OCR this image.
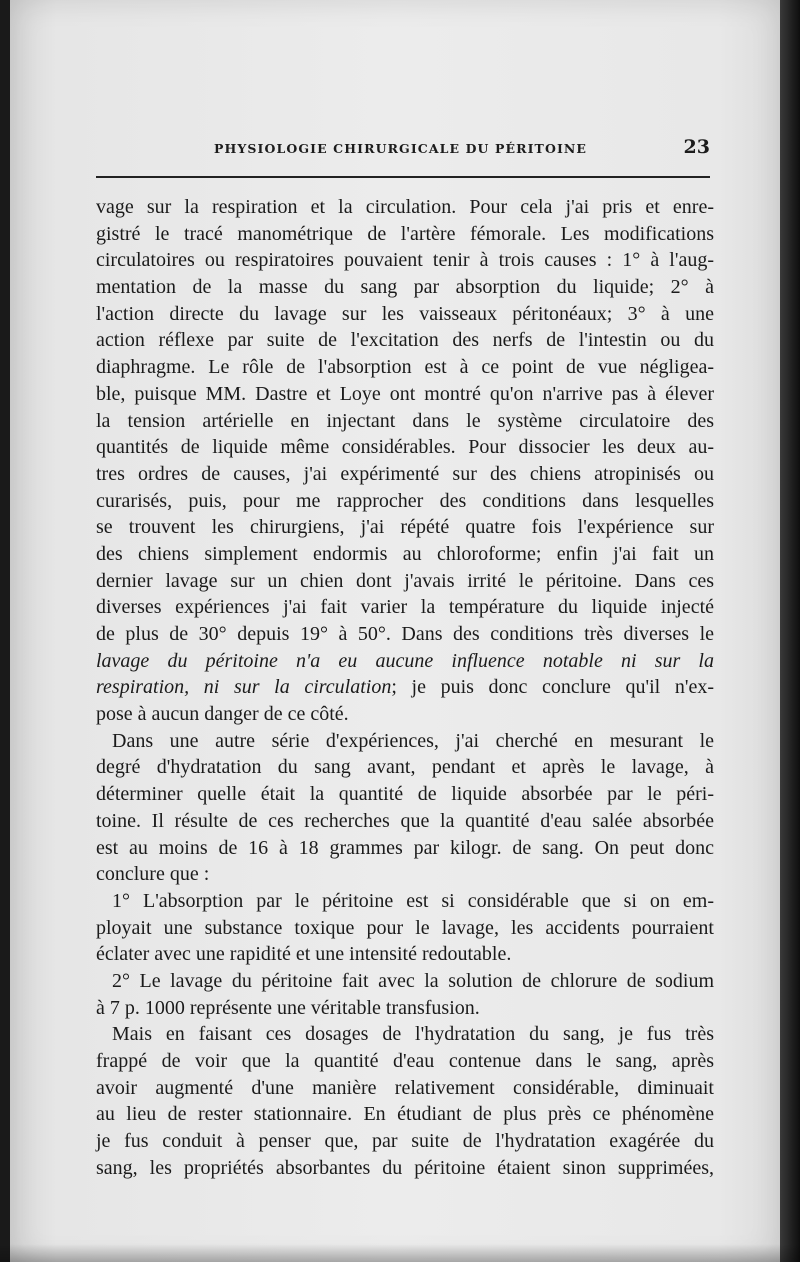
PHYSIOLOGIE CHIRURGICALE DU PÉRITOINE	23
vage sur la respiration et la circulation. Pour cela j'ai pris et enre-
gistré le tracé manométrique de l'artère fémorale. Les modifications
circulatoires ou respiratoires pouvaient tenir à trois causes : 1° à l'aug-
mentation de la masse du sang par absorption du liquide; 2° à
l'action directe du lavage sur les vaisseaux péritonéaux; 3° à une
action réflexe par suite de l'excitation des nerfs de l'intestin ou du
diaphragme. Le rôle de l'absorption est à ce point de vue négligea-
ble, puisque MM. Dastre et Loye ont montré qu'on n'arrive pas à élever
la tension artérielle en injectant dans le système circulatoire des
quantités de liquide même considérables. Pour dissocier les deux au-
tres ordres de causes, j'ai expérimenté sur des chiens atropinisés ou
curarisés, puis, pour me rapprocher des conditions dans lesquelles
se trouvent les chirurgiens, j'ai répété quatre fois l'expérience sur
des chiens simplement endormis au chloroforme; enfin j'ai fait un
dernier lavage sur un chien dont j'avais irrité le péritoine. Dans ces
diverses expériences j'ai fait varier la température du liquide injecté
de plus de 30° depuis 19° à 50°. Dans des conditions très diverses le
lavage du péritoine n'a eu aucune influence notable ni sur la
respiration, ni sur la circulation; je puis donc conclure qu'il n'ex-
pose à aucun danger de ce côté.
Dans une autre série d'expériences, j'ai cherché en mesurant le
degré d'hydratation du sang avant, pendant et après le lavage, à
déterminer quelle était la quantité de liquide absorbée par le péri-
toine. Il résulte de ces recherches que la quantité d'eau salée absorbée
est au moins de 16 à 18 grammes par kilogr. de sang. On peut donc
conclure que :
1° L'absorption par le péritoine est si considérable que si on em-
ployait une substance toxique pour le lavage, les accidents pourraient
éclater avec une rapidité et une intensité redoutable.
2° Le lavage du péritoine fait avec la solution de chlorure de sodium
à 7 p. 1000 représente une véritable transfusion.
Mais en faisant ces dosages de l'hydratation du sang, je fus très
frappé de voir que la quantité d'eau contenue dans le sang, après
avoir augmenté d'une manière relativement considérable, diminuait
au lieu de rester stationnaire. En étudiant de plus près ce phénomène
je fus conduit à penser que, par suite de l'hydratation exagérée du
sang, les propriétés absorbantes du péritoine étaient sinon supprimées,
